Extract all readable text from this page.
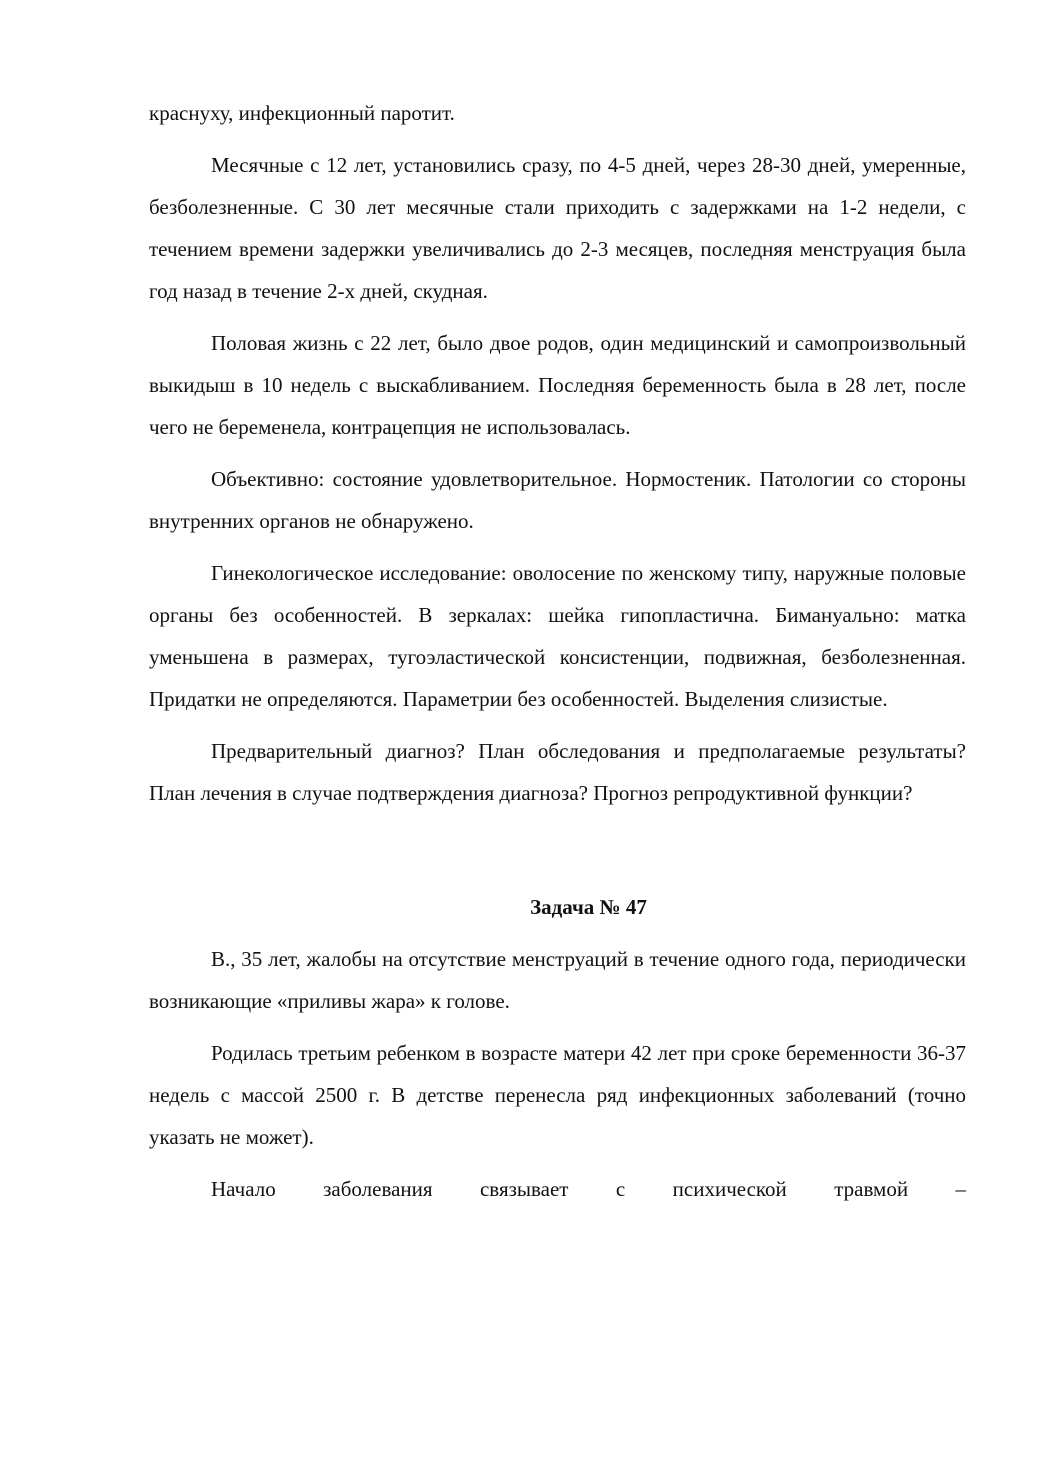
краснуху, инфекционный паротит.

Месячные с 12 лет, установились сразу, по 4-5 дней, через 28-30 дней, умеренные, безболезненные. С 30 лет месячные стали приходить с задержками на 1-2 недели, с течением времени задержки увеличивались до 2-3 месяцев, последняя менструация была год назад в течение 2-х дней, скудная.

Половая жизнь с 22 лет, было двое родов, один медицинский и самопроизвольный выкидыш в 10 недель с выскабливанием. Последняя беременность была в 28 лет, после чего не беременела, контрацепция не использовалась.

Объективно: состояние удовлетворительное. Нормостеник. Патологии со стороны внутренних органов не обнаружено.

Гинекологическое исследование: оволосение по женскому типу, наружные половые органы без особенностей. В зеркалах: шейка гипопластична. Бимануально: матка уменьшена в размерах, тугоэластической консистенции, подвижная, безболезненная. Придатки не определяются. Параметрии без особенностей. Выделения слизистые.

Предварительный диагноз? План обследования и предполагаемые результаты? План лечения в случае подтверждения диагноза? Прогноз репродуктивной функции?

Задача № 47

В., 35 лет, жалобы на отсутствие менструаций в течение одного года, периодически возникающие «приливы жара» к голове.

Родилась третьим ребенком в возрасте матери 42 лет при сроке беременности 36-37 недель с массой 2500 г. В детстве перенесла ряд инфекционных заболеваний (точно указать не может).

Начало заболевания связывает с психической травмой –
